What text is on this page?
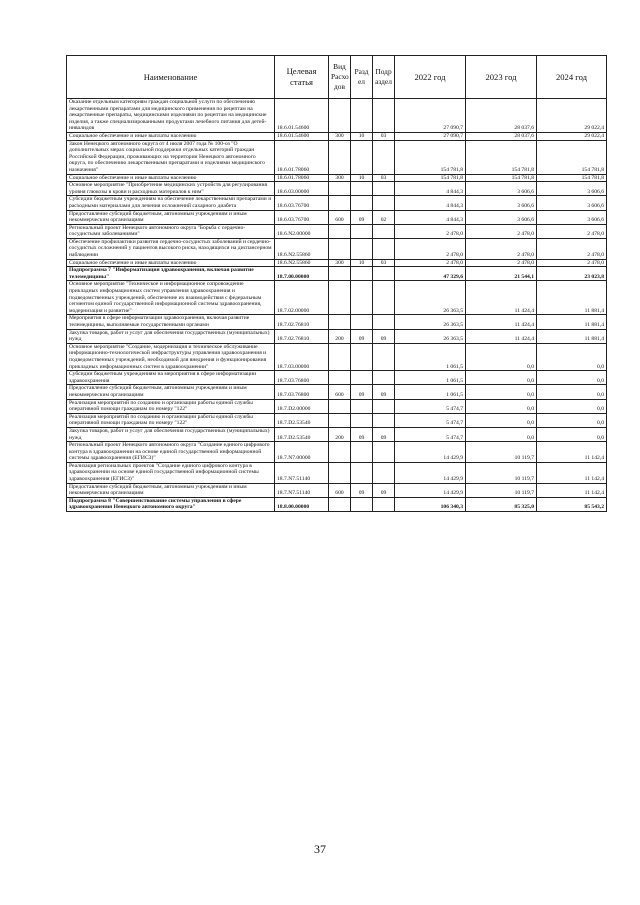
Наименование	Целевая статья	Вид Расхо дов	Разд ел	Подр аздел	2022 год	2023 год	2024 год
Оказание отдельным категориям граждан социальной услуги по обеспечению лекарственными препаратами для медицинского применения по рецептам на лекарственные препараты, медицинскими изделиями по рецептам на медицинские изделия, а также специализированными продуктами лечебного питания для детей-инвалидов	18.6.01.54600				27 090,7	28 037,6	29 022,4
Социальное обеспечение и иные выплаты населению	18.6.01.54600	300	10	03	27 090,7	28 037,6	29 022,4
Закон Ненецкого автономного округа от 4 июля 2007 года № 100-оз "О дополнительных мерах социальной поддержки отдельных категорий граждан Российской Федерации, проживающих на территории Ненецкого автономного округа, по обеспечению лекарственными препаратами и изделиями медицинского назначения"	18.6.01.78060				154 781,8	154 781,8	154 781,8
Социальное обеспечение и иные выплаты населению	18.6.01.78060	300	10	03	154 781,8	154 781,8	154 781,8
Основное мероприятие "Приобретение медицинских устройств для регулирования уровня глюкозы в крови и расходных материалов к ним"	18.6.03.00000				4 844,3	3 606,6	3 606,6
Субсидии бюджетным учреждениям на обеспечение лекарственными препаратами и расходными материалами для лечения осложнений сахарного диабета	18.6.03.76700				4 844,3	3 606,6	3 606,6
Предоставление субсидий бюджетным, автономным учреждениям и иным некоммерческим организациям	18.6.03.76700	600	09	02	4 844,3	3 606,6	3 606,6
Региональный проект Ненецкого автономного округа "Борьба с сердечно-сосудистыми заболеваниями"	18.6.N2.00000				2 478,0	2 478,0	2 478,0
Обеспечение профилактики развития сердечно-сосудистых заболеваний и сердечно-сосудистых осложнений у пациентов высокого риска, находящихся на диспансерном наблюдении	18.6.N2.55860				2 478,0	2 478,0	2 478,0
Социальное обеспечение и иные выплаты населению	18.6.N2.55860	300	10	03	2 478,0	2 478,0	2 478,0
Подпрограмма 7 "Информатизация здравоохранения, включая развитие телемедицины"	18.7.00.00000				47 329,6	21 544,1	23 023,8
Основное мероприятие "Техническое и информационное сопровождение прикладных информационных систем управления здравоохранения и подведомственных учреждений, обеспечение их взаимодействия с федеральным сегментом единой государственной информационной системы здравоохранения, модернизация и развитие"	18.7.02.00000				26 363,5	11 424,4	11 881,4
Мероприятия в сфере информатизации здравоохранения, включая развитие телемедицины, выполняемые государственными органами	18.7.02.76810				26 363,5	11 424,4	11 881,4
Закупка товаров, работ и услуг для обеспечения государственных (муниципальных) нужд	18.7.02.76810	200	09	09	26 363,5	11 424,4	11 881,4
Основное мероприятие "Создание, модернизация и техническое обслуживание информационно-технологической инфраструктуры управления здравоохранения и подведомственных учреждений, необходимой для внедрения и функционирования прикладных информационных систем в здравоохранении"	18.7.03.00000				1 061,5	0,0	0,0
Субсидии бюджетным учреждениям на мероприятия в сфере информатизации здравоохранения	18.7.03.76800				1 061,5	0,0	0,0
Предоставление субсидий бюджетным, автономным учреждениям и иным некоммерческим организациям	18.7.03.76800	600	09	09	1 061,5	0,0	0,0
Реализация мероприятий по созданию и организации работы единой службы оперативной помощи гражданам по номеру "122"	18.7.D2.00000				5 474,7	0,0	0,0
Реализация мероприятий по созданию и организации работы единой службы оперативной помощи гражданам по номеру "122"	18.7.D2.53540				5 474,7	0,0	0,0
Закупка товаров, работ и услуг для обеспечения государственных (муниципальных) нужд	18.7.D2.53540	200	09	09	5 474,7	0,0	0,0
Региональный проект Ненецкого автономного округа "Создание единого цифрового контура в здравоохранении на основе единой государственной информационной системы здравоохранения (ЕГИСЗ)"	18.7.N7.00000				14 429,9	10 119,7	11 142,4
Реализация региональных проектов "Создание единого цифрового контура в здравоохранении на основе единой государственной информационной системы здравоохранения (ЕГИСЗ)"	18.7.N7.51140				14 429,9	10 119,7	11 142,4
Предоставление субсидий бюджетным, автономным учреждениям и иным некоммерческим организациям	18.7.N7.51140	600	09	09	14 429,9	10 119,7	11 142,4
Подпрограмма 8 "Совершенствование системы управления в сфере здравоохранения Ненецкого автономного округа"	18.8.00.00000				106 340,3	85 325,0	85 543,2
37
